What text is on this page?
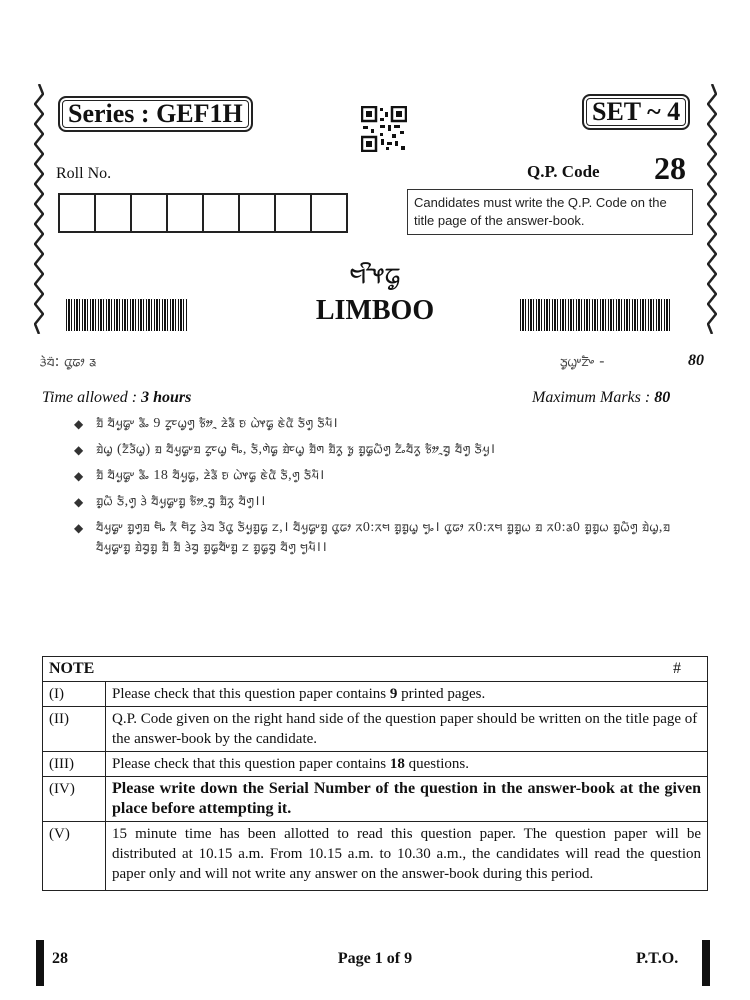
Series : GEF1H	SET ~ 4
Roll No.	Q.P. Code 28
Candidates must write the Q.P. Code on the title page of the answer-book.
ᤗᤡᤶᤒᤢ
LIMBOO
ᤋᤧᤔ᤺: ᤂᤢᤒᤣ ᤕ	ᤍᤢᤐᤢᤸᤁᤠᤴ -	80
Time allowed : 3 hours	Maximum Marks : 80
◆ ᤀᤠ ᤔᤠᤘᤢᤒᤢᤸ ᤕᤠᤱ 9 ᤁᤢᤰᤐᤢᤛᤢ ᤃᤦᤳ ᤏᤧᤕᤠ ᤎ ᤐᤧᤶᤒᤢ ᤇᤧᤂᤠ ᤍᤠᤛᤢ ᤍᤠᤘᤠ।
◆ ᤀᤧᤐᤢ (ᤁᤠᤋᤠᤐᤢ) ᤀ ᤔᤠᤘᤢᤒᤢᤸᤀ ᤁᤢᤰᤐᤢ ᤗᤠᤱ, ᤍᤠ,ᤛᤧᤒᤢ ᤀᤧᤰᤐᤢ ᤀᤠᤛ ᤀᤠᤖᤢ ᤃᤢ ᤀᤢᤒᤢᤐᤠᤛᤢ ᤁᤠᤱᤔᤠᤖᤢ ᤃᤦᤳᤔᤢ ᤔᤠᤛᤢ ᤍᤠᤘᤢ।
◆ ᤀᤠ ᤔᤠᤘᤢᤒᤢᤸ ᤕᤠᤱ 18 ᤔᤠᤘᤢᤒᤢ, ᤏᤧᤕᤠ ᤎ ᤐᤧᤶᤒᤢ ᤇᤧᤂᤠ ᤍᤠ,ᤛᤢ ᤍᤠᤘᤠ।
◆ ᤀᤢᤐᤠ ᤍᤠ,ᤛᤢ ᤋᤧ ᤔᤠᤘᤢᤒᤢᤸᤀᤢ ᤃᤦᤳᤔᤢ ᤀᤠᤖᤢ ᤔᤠᤛᤢ।।
◆ ᤔᤠᤘᤢᤒᤢᤸ ᤀᤢᤛᤢᤀ ᤗᤠᤱ ᤖᤠ ᤗᤠᤁᤢ ᤋᤧᤔ ᤋᤠᤂᤢ ᤍᤠᤘᤢᤀᤢᤒᤢ ᤁ,। ᤔᤠᤘᤢᤒᤢᤸᤀᤢ ᤂᤢᤒᤣ ᤖ0:ᤖᤗ ᤀᤢᤀᤢᤐᤢ ᤗᤢᤱ। ᤂᤢᤒᤣ ᤖ0:ᤖᤗ ᤀᤢᤀᤢᤐ ᤀ ᤖ0:ᤕ0 ᤀᤢᤀᤢᤐ ᤀᤢᤐᤠᤛᤢ ᤀᤧᤐᤢ,ᤀ ᤔᤠᤘᤢᤒᤢᤸᤀᤢ ᤀᤧᤔᤢᤀᤢ ᤀᤠ ᤀᤠ ᤋᤧᤔᤢ ᤀᤢᤒᤢᤔᤠᤸᤀᤢ ᤁ ᤀᤢᤒᤢᤔᤢ ᤔᤠᤛᤢ ᤗᤢᤘᤠ।।
NOTE #	

(I)	Please check that this question paper contains 9 printed pages.
(II)	Q.P. Code given on the right hand side of the question paper should be written on the title page of the answer-book by the candidate.
(III)	Please check that this question paper contains 18 questions.
(IV)	Please write down the Serial Number of the question in the answer-book at the given place before attempting it.
(V)	15 minute time has been allotted to read this question paper. The question paper will be distributed at 10.15 a.m. From 10.15 a.m. to 10.30 a.m., the candidates will read the question paper only and will not write any answer on the answer-book during this period.
28	Page 1 of 9	P.T.O.
